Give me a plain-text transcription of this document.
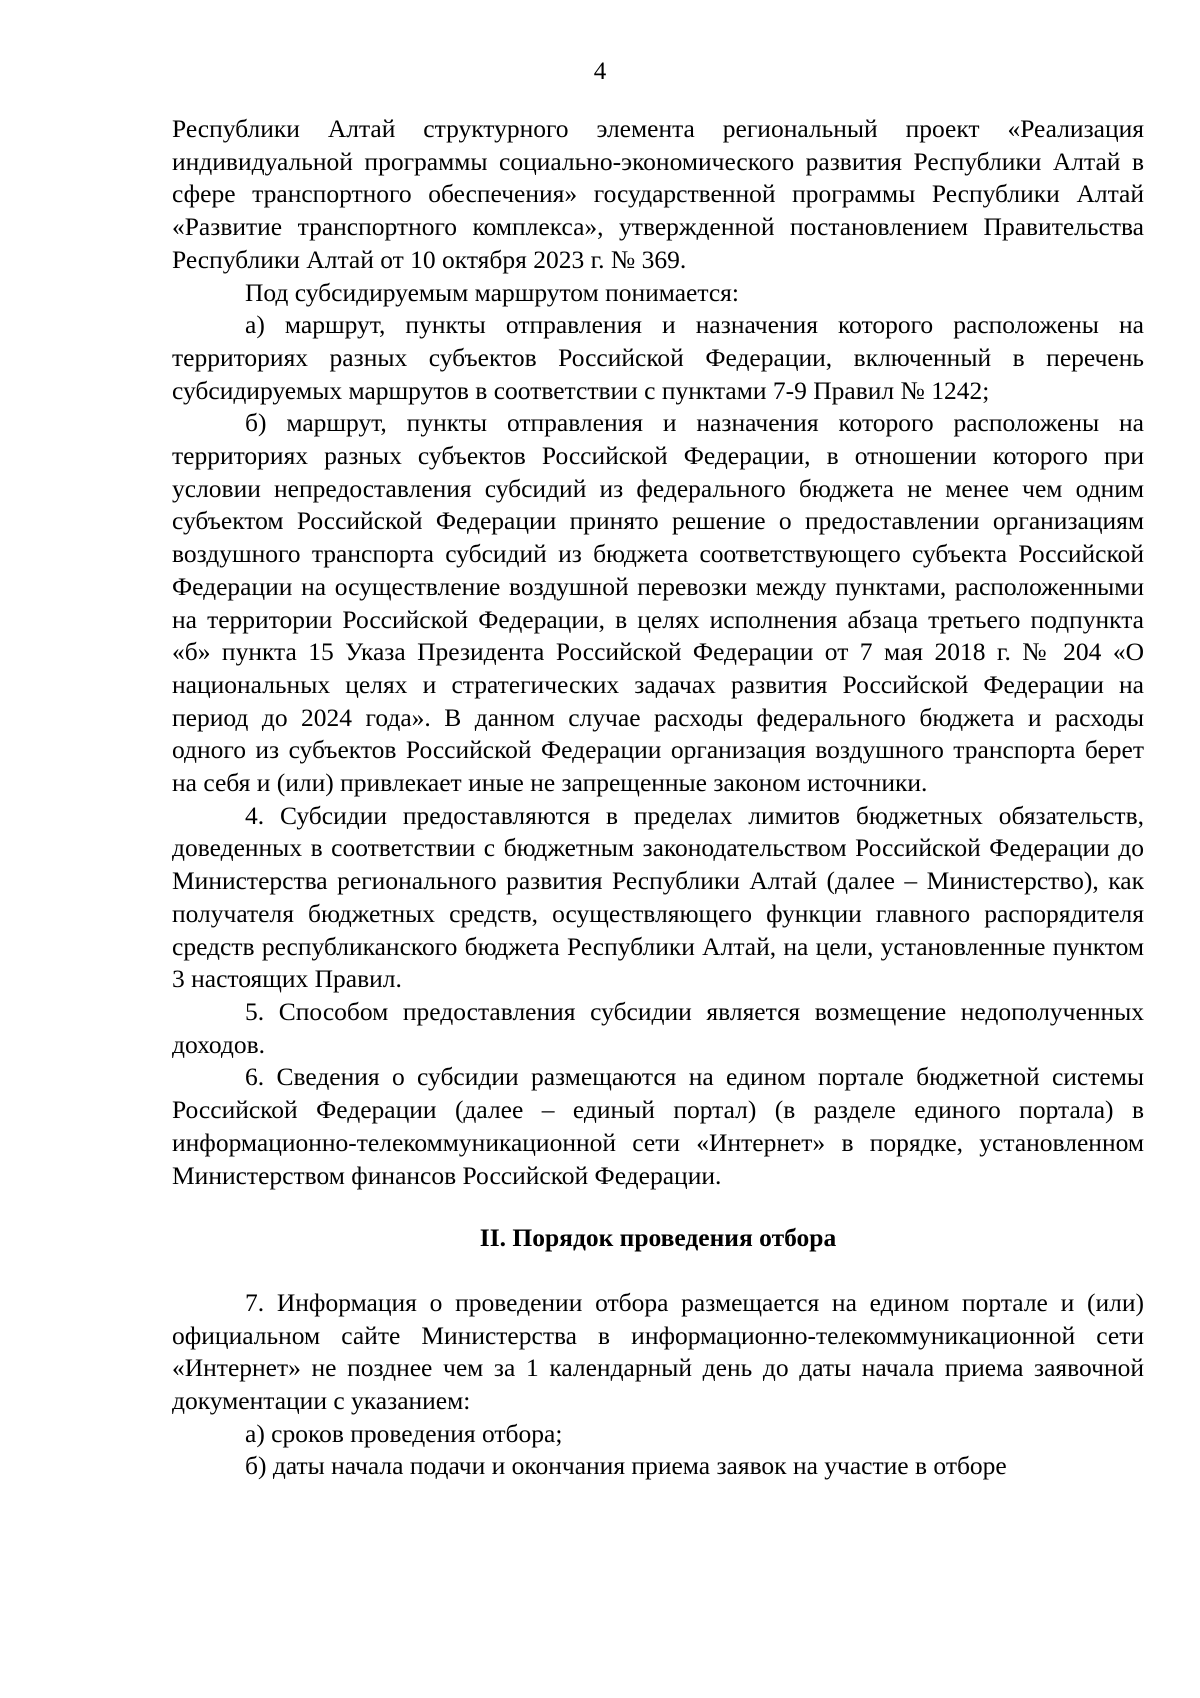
4

Республики Алтай структурного элемента региональный проект «Реализация индивидуальной программы социально-экономического развития Республики Алтай в сфере транспортного обеспечения» государственной программы Республики Алтай «Развитие транспортного комплекса», утвержденной постановлением Правительства Республики Алтай от 10 октября 2023 г. № 369.

Под субсидируемым маршрутом понимается:

а) маршрут, пункты отправления и назначения которого расположены на территориях разных субъектов Российской Федерации, включенный в перечень субсидируемых маршрутов в соответствии с пунктами 7-9 Правил № 1242;

б) маршрут, пункты отправления и назначения которого расположены на территориях разных субъектов Российской Федерации, в отношении которого при условии непредоставления субсидий из федерального бюджета не менее чем одним субъектом Российской Федерации принято решение о предоставлении организациям воздушного транспорта субсидий из бюджета соответствующего субъекта Российской Федерации на осуществление воздушной перевозки между пунктами, расположенными на территории Российской Федерации, в целях исполнения абзаца третьего подпункта «б» пункта 15 Указа Президента Российской Федерации от 7 мая 2018 г. № 204 «О национальных целях и стратегических задачах развития Российской Федерации на период до 2024 года». В данном случае расходы федерального бюджета и расходы одного из субъектов Российской Федерации организация воздушного транспорта берет на себя и (или) привлекает иные не запрещенные законом источники.

4. Субсидии предоставляются в пределах лимитов бюджетных обязательств, доведенных в соответствии с бюджетным законодательством Российской Федерации до Министерства регионального развития Республики Алтай (далее – Министерство), как получателя бюджетных средств, осуществляющего функции главного распорядителя средств республиканского бюджета Республики Алтай, на цели, установленные пунктом 3 настоящих Правил.

5. Способом предоставления субсидии является возмещение недополученных доходов.

6. Сведения о субсидии размещаются на едином портале бюджетной системы Российской Федерации (далее – единый портал) (в разделе единого портала) в информационно-телекоммуникационной сети «Интернет» в порядке, установленном Министерством финансов Российской Федерации.

II. Порядок проведения отбора

7. Информация о проведении отбора размещается на едином портале и (или) официальном сайте Министерства в информационно-телекоммуникационной сети «Интернет» не позднее чем за 1 календарный день до даты начала приема заявочной документации с указанием:

а) сроков проведения отбора;

б) даты начала подачи и окончания приема заявок на участие в отборе
